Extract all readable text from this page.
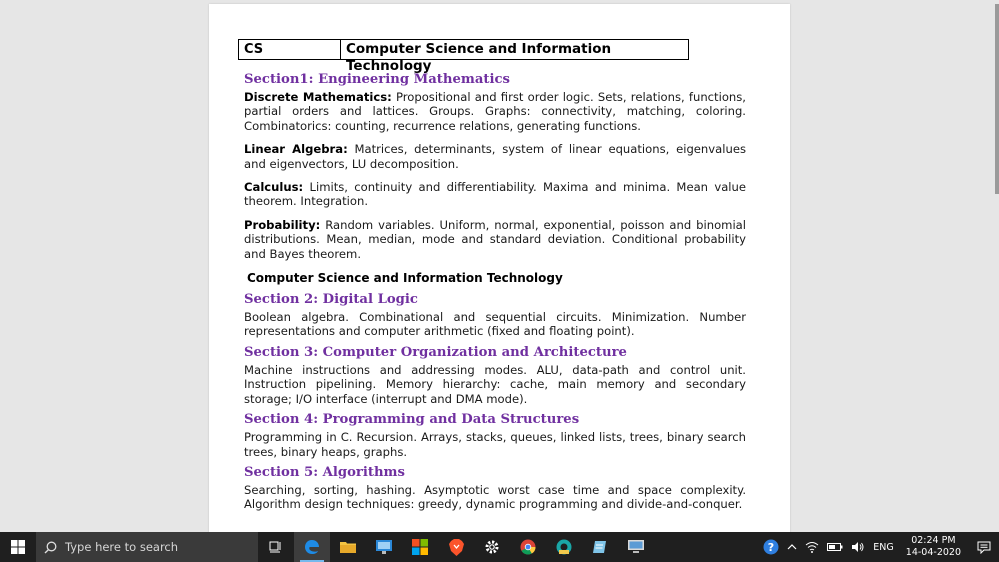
CS	Computer Science and Information Technology
Section1: Engineering Mathematics

Discrete Mathematics: Propositional and first order logic. Sets, relations, functions, partial orders and lattices. Groups. Graphs: connectivity, matching, coloring. Combinatorics: counting, recurrence relations, generating functions.

Linear Algebra: Matrices, determinants, system of linear equations, eigenvalues and eigenvectors, LU decomposition.

Calculus: Limits, continuity and differentiability. Maxima and minima. Mean value theorem. Integration.

Probability: Random variables. Uniform, normal, exponential, poisson and binomial distributions. Mean, median, mode and standard deviation. Conditional probability and Bayes theorem.

Computer Science and Information Technology

Section 2: Digital Logic

Boolean algebra. Combinational and sequential circuits. Minimization. Number representations and computer arithmetic (fixed and floating point).

Section 3: Computer Organization and Architecture

Machine instructions and addressing modes. ALU, data-path and control unit. Instruction pipelining. Memory hierarchy: cache, main memory and secondary storage; I/O interface (interrupt and DMA mode).

Section 4: Programming and Data Structures

Programming in C. Recursion. Arrays, stacks, queues, linked lists, trees, binary search trees, binary heaps, graphs.

Section 5: Algorithms

Searching, sorting, hashing. Asymptotic worst case time and space complexity. Algorithm design techniques: greedy, dynamic programming and divide‐and‐conquer.

Type here to search	?	ENG
02:24 PM
14-04-2020
